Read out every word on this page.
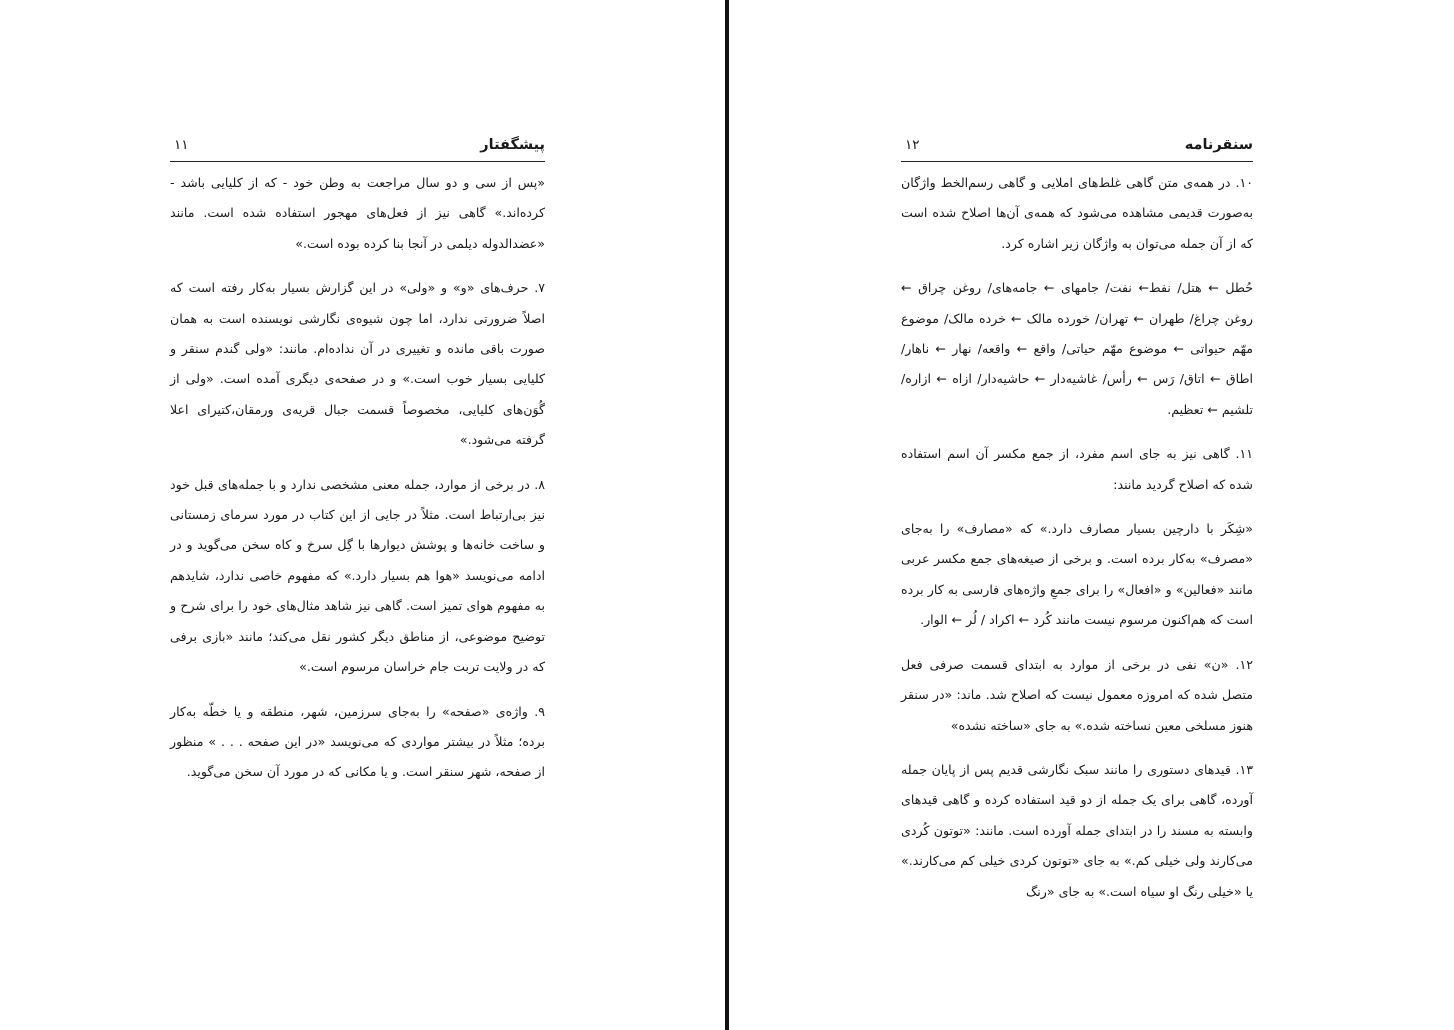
پیشگفتار
۱۱
«پس از سی و دو سال مراجعت به وطن خود - که از کلیایی باشد - کرده‌اند.» گاهی نیز از فعل‌های مهجور استفاده شده است. مانند «عضدالدوله دیلمی در آنجا بنا کرده بوده است.»
۷. حرف‌های «و» و «ولی» در این گزارش بسیار به‌کار رفته است که اصلاً ضرورتی ندارد، اما چون شیوه‌ی نگارشی نویسنده است به همان صورت باقی مانده و تغییری در آن نداده‌ام. مانند: «ولی گندم سنقر و کلیایی بسیار خوب است.» و در صفحه‌ی دیگری آمده است. «ولی از گُوَن‌های کلیایی، مخصوصاً قسمت جبال قریه‌ی ورمقان،کتیرای اعلا گرفته می‌شود.»
۸. در برخی از موارد، جمله معنی مشخصی ندارد و با جمله‌های قبل خود نیز بی‌ارتباط است. مثلاً در جایی از این کتاب در مورد سرمای زمستانی و ساخت خانه‌ها و پوشش دیوارها با گِل سرخ و کاه سخن می‌گوید و در ادامه می‌نویسد «هوا هم بسیار دارد.» که مفهوم خاصی ندارد، شایدهم به مفهوم هوای تمیز است. گاهی نیز شاهد مثال‌های خود را برای شرح و توضیح موضوعی، از مناطق دیگر کشور نقل می‌کند؛ مانند «بازی برفی که در ولایت تربت جام خراسان مرسوم است.»
۹. واژه‌ی «صفحه» را به‌جای سرزمین، شهر، منطقه و یا خطّه به‌کار برده؛ مثلاً در بیشتر مواردی که می‌نویسد «در این صفحه . . . » منظور از صفحه، شهر سنقر است. و یا مکانی که در مورد آن سخن می‌گوید.
سنقرنامه
۱۲
۱۰. در همه‌ی متن گاهی غلط‌های املایی و گاهی رسم‌الخط واژگان به‌صورت قدیمی مشاهده می‌شود که همه‌ی آن‌ها اصلاح شده است که از آن جمله می‌توان به واژگان زیر اشاره کرد.
حُطل ← هتل/ نفط← نفت/ جامهای ← جامه‌های/ روغن چراق ← روغن چراغ/ طهران ← تهران/ خورده مالک ← خرده مالک/ موضوع مهّم حیواتی ← موضوع مهّم حیاتی/ واقع ← واقعه/ نهار ← ناهار/ اطاق ← اتاق/ رَس ← رأس/ غاشیه‌دار ← حاشیه‌دار/ ازاه ← ازاره/ تلشیم ← تعظیم.
۱۱. گاهی نیز به جای اسم مفرد، از جمع مکسر آن اسم استفاده شده که اصلاح گردید مانند:
«شِکَر با دارچین بسیار مصارف دارد.» که «مصارف» را به‌جای «مصرف» به‌کار برده است. و برخی از صیغه‌های جمع مکسر عربی مانند «فعالین» و «افعال» را برای جمعِ واژه‌های فارسی به کار برده است که هم‌اکنون مرسوم نیست مانند کُرد ← اکراد / لُر ← الوار.
۱۲. «ن» نفی در برخی از موارد به ابتدای قسمت صرفی فعل متصل شده که امروزه معمول نیست که اصلاح شد. ماند: «در سنقر هنوز مسلخی معین نساخته شده.» به جای «ساخته نشده»
۱۳. قیدهای دستوری را مانند سبک نگارشی قدیم پس از پایان جمله آورده، گاهی برای یک جمله از دو قید استفاده کرده و گاهی قیدهای وابسته به مسند را در ابتدای جمله آورده است. مانند: «توتون کُردی می‌کارند ولی خیلی کم.» به جای «توتون کردی خیلی کم می‌کارند.» یا «خیلی رنگ او سیاه است.» به جای «رنگ
